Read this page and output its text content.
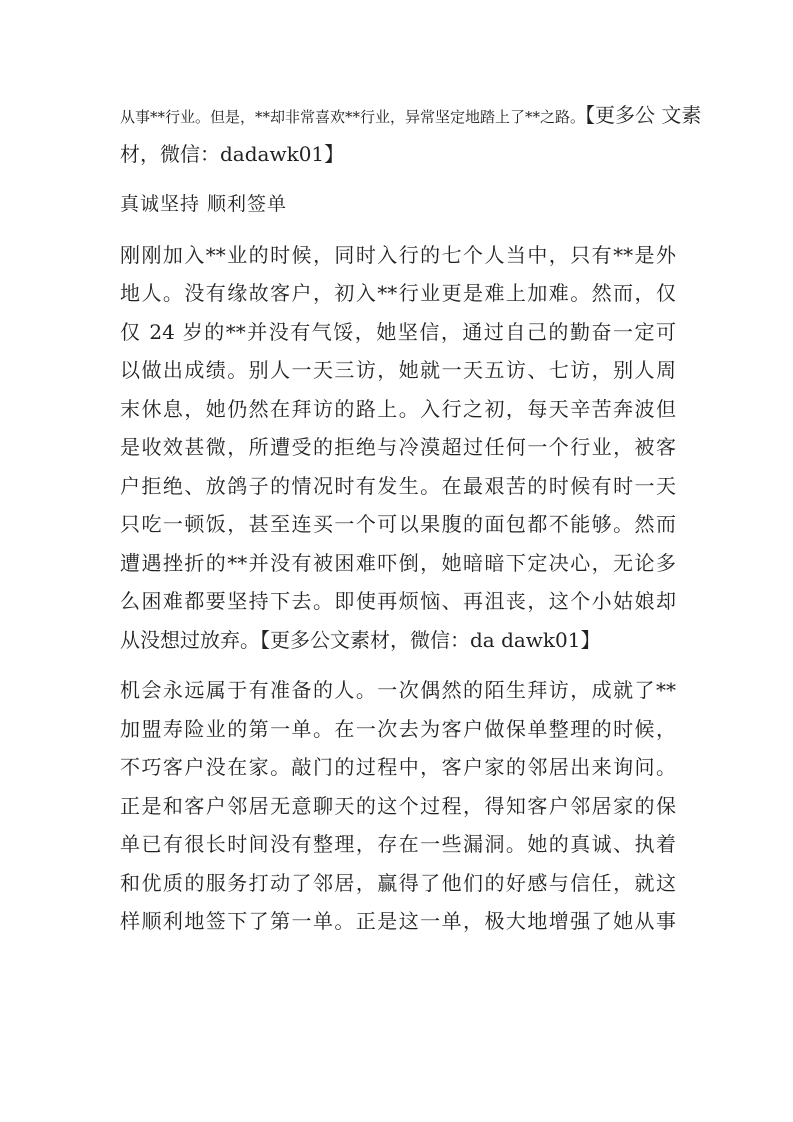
从事**行业。但是，**却非常喜欢**行业，异常坚定地踏上了**之路。【更多公 文素
材，微信：dadawk01】
真诚坚持 顺利签单
刚刚加入**业的时候，同时入行的七个人当中，只有**是外
地人。没有缘故客户，初入**行业更是难上加难。然而，仅
仅 24 岁的**并没有气馁，她坚信，通过自己的勤奋一定可
以做出成绩。别人一天三访，她就一天五访、七访，别人周
末休息，她仍然在拜访的路上。入行之初，每天辛苦奔波但
是收效甚微，所遭受的拒绝与冷漠超过任何一个行业，被客
户拒绝、放鸽子的情况时有发生。在最艰苦的时候有时一天
只吃一顿饭，甚至连买一个可以果腹的面包都不能够。然而
遭遇挫折的**并没有被困难吓倒，她暗暗下定决心，无论多
么困难都要坚持下去。即使再烦恼、再沮丧，这个小姑娘却
从没想过放弃。【更多公文素材，微信：da dawk01】
机会永远属于有准备的人。一次偶然的陌生拜访，成就了**
加盟寿险业的第一单。在一次去为客户做保单整理的时候，
不巧客户没在家。敲门的过程中，客户家的邻居出来询问。
正是和客户邻居无意聊天的这个过程，得知客户邻居家的保
单已有很长时间没有整理，存在一些漏洞。她的真诚、执着
和优质的服务打动了邻居，赢得了他们的好感与信任，就这
样顺利地签下了第一单。正是这一单，极大地增强了她从事
